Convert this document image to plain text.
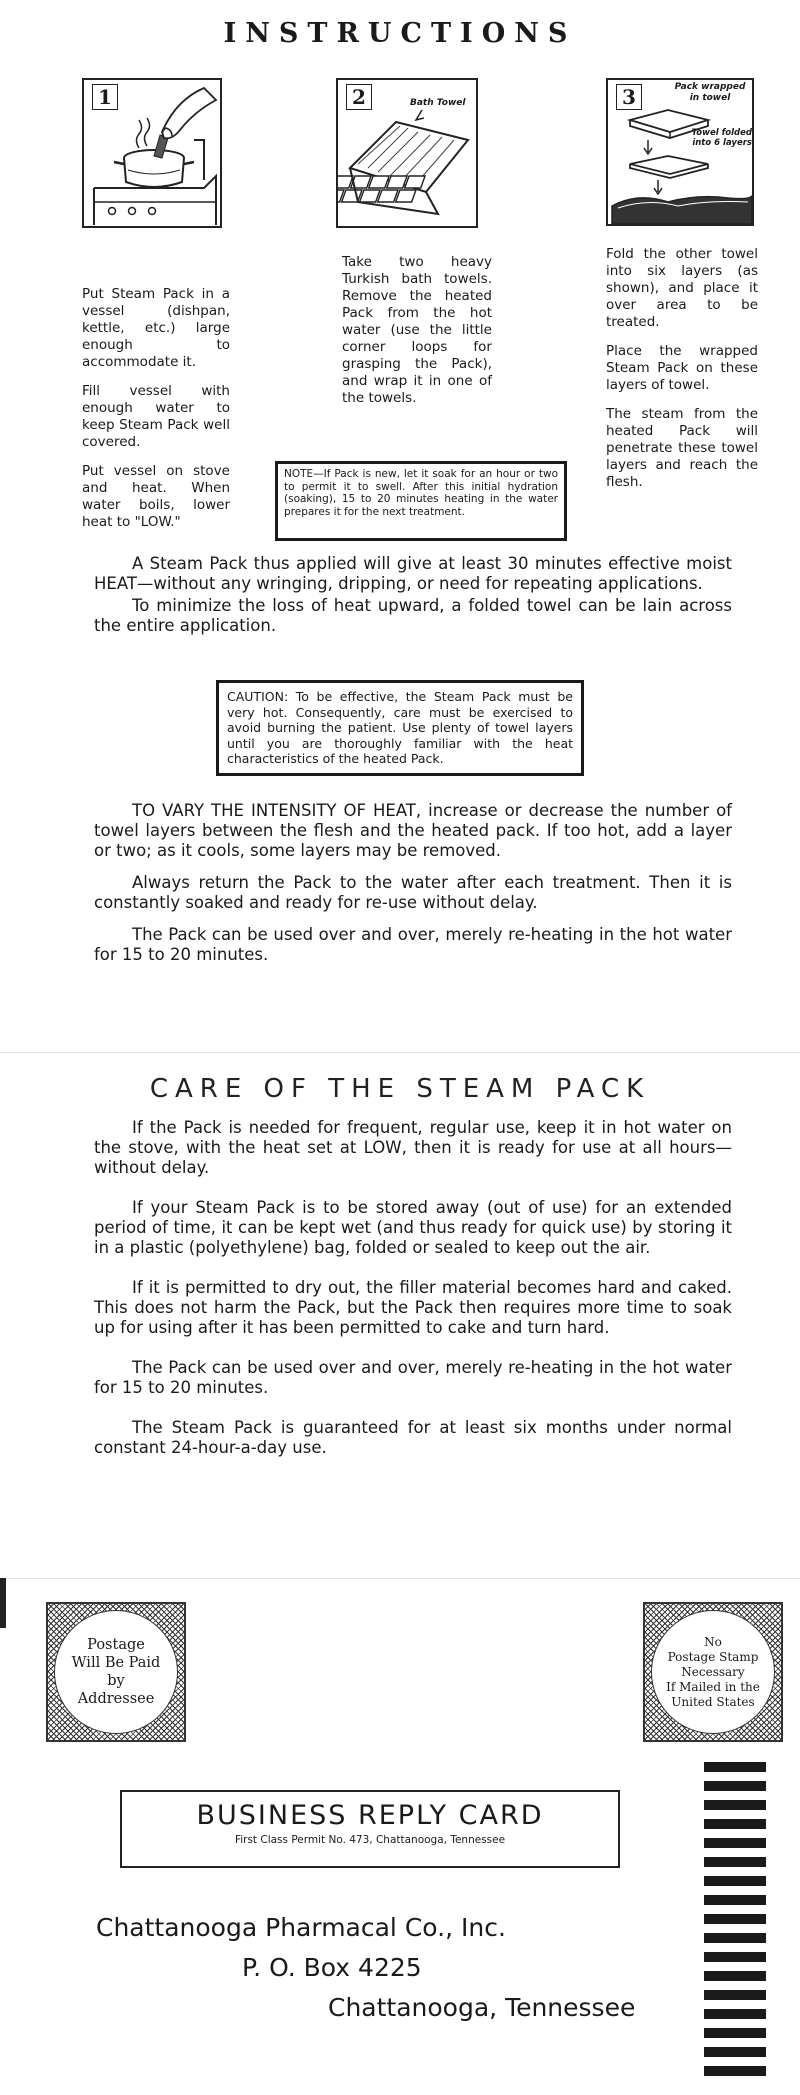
INSTRUCTIONS
1

Put Steam Pack in a vessel (dishpan, kettle, etc.) large enough to accommodate it.

Fill vessel with enough water to keep Steam Pack well covered.

Put vessel on stove and heat. When water boils, lower heat to "LOW."

2	Bath Towel

Take two heavy Turkish bath towels. Remove the heated Pack from the hot water (use the little corner loops for grasping the Pack), and wrap it in one of the towels.

3	Pack wrapped in towel
Towel folded into 6 layers

Fold the other towel into six layers (as shown), and place it over area to be treated.

Place the wrapped Steam Pack on these layers of towel.

The steam from the heated Pack will penetrate these towel layers and reach the flesh.

NOTE—If Pack is new, let it soak for an hour or two to permit it to swell. After this initial hydration (soaking), 15 to 20 minutes heating in the water prepares it for the next treatment.

A Steam Pack thus applied will give at least 30 minutes effective moist HEAT—without any wringing, dripping, or need for repeating applications.

To minimize the loss of heat upward, a folded towel can be lain across the entire application.

CAUTION: To be effective, the Steam Pack must be very hot. Consequently, care must be exercised to avoid burning the patient. Use plenty of towel layers until you are thoroughly familiar with the heat characteristics of the heated Pack.

TO VARY THE INTENSITY OF HEAT, increase or decrease the number of towel layers between the flesh and the heated pack. If too hot, add a layer or two; as it cools, some layers may be removed.

Always return the Pack to the water after each treatment. Then it is constantly soaked and ready for re-use without delay.

The Pack can be used over and over, merely re-heating in the hot water for 15 to 20 minutes.

CARE OF THE STEAM PACK

If the Pack is needed for frequent, regular use, keep it in hot water on the stove, with the heat set at LOW, then it is ready for use at all hours—without delay.

If your Steam Pack is to be stored away (out of use) for an extended period of time, it can be kept wet (and thus ready for quick use) by storing it in a plastic (polyethylene) bag, folded or sealed to keep out the air.

If it is permitted to dry out, the filler material becomes hard and caked. This does not harm the Pack, but the Pack then requires more time to soak up for using after it has been permitted to cake and turn hard.

The Pack can be used over and over, merely re-heating in the hot water for 15 to 20 minutes.

The Steam Pack is guaranteed for at least six months under normal constant 24-hour-a-day use.

Postage
Will Be Paid
by
Addressee
No
Postage Stamp
Necessary
If Mailed in the
United States
BUSINESS REPLY CARD
First Class Permit No. 473, Chattanooga, Tennessee
Chattanooga Pharmacal Co., Inc.
P. O. Box 4225
Chattanooga, Tennessee
